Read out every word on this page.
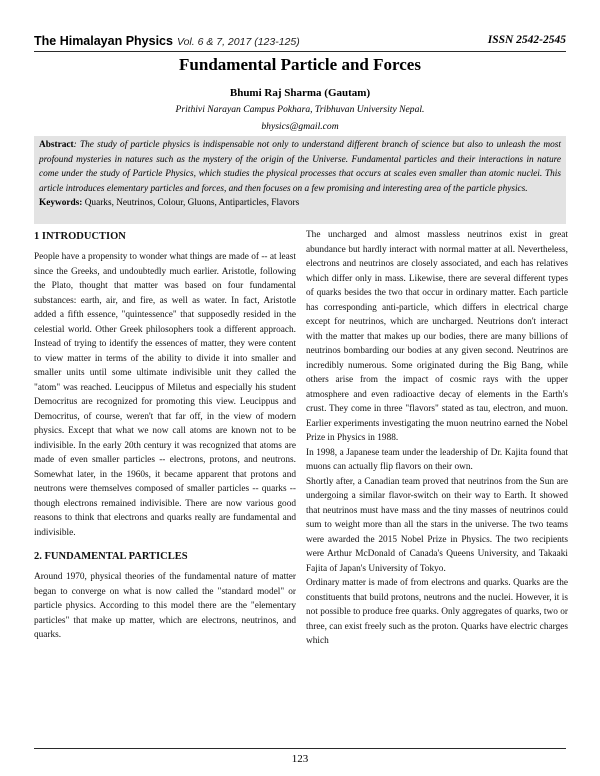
The Himalayan Physics Vol. 6 & 7, 2017 (123-125)	ISSN 2542-2545
Fundamental Particle and Forces
Bhumi Raj Sharma (Gautam)
Prithivi Narayan Campus Pokhara, Tribhuvan University Nepal.
bhysics@gmail.com
Abstract: The study of particle physics is indispensable not only to understand different branch of science but also to unleash the most profound mysteries in natures such as the mystery of the origin of the Universe. Fundamental particles and their interactions in nature come under the study of Particle Physics, which studies the physical processes that occurs at scales even smaller than atomic nuclei. This article introduces elementary particles and forces, and then focuses on a few promising and interesting area of the particle physics.
Keywords: Quarks, Neutrinos, Colour, Gluons, Antiparticles, Flavors
1 INTRODUCTION

People have a propensity to wonder what things are made of -- at least since the Greeks, and undoubtedly much earlier. Aristotle, following the Plato, thought that matter was based on four fundamental substances: earth, air, and fire, as well as water. In fact, Aristotle added a fifth essence, "quintessence" that supposedly resided in the celestial world. Other Greek philosophers took a different approach. Instead of trying to identify the essences of matter, they were content to view matter in terms of the ability to divide it into smaller and smaller units until some ultimate indivisible unit they called the "atom" was reached. Leucippus of Miletus and especially his student Democritus are recognized for promoting this view. Leucippus and Democritus, of course, weren't that far off, in the view of modern physics. Except that what we now call atoms are known not to be indivisible. In the early 20th century it was recognized that atoms are made of even smaller particles -- electrons, protons, and neutrons. Somewhat later, in the 1960s, it became apparent that protons and neutrons were themselves composed of smaller particles -- quarks -- though electrons remained indivisible. There are now various good reasons to think that electrons and quarks really are fundamental and indivisible.

2. FUNDAMENTAL PARTICLES

Around 1970, physical theories of the fundamental nature of matter began to converge on what is now called the "standard model" or particle physics. According to this model there are the "elementary particles" that make up matter, which are electrons, neutrinos, and quarks.

The uncharged and almost massless neutrinos exist in great abundance but hardly interact with normal matter at all. Nevertheless, electrons and neutrinos are closely associated, and each has relatives which differ only in mass. Likewise, there are several different types of quarks besides the two that occur in ordinary matter. Each particle has corresponding anti-particle, which differs in electrical charge except for neutrinos, which are uncharged. Neutrions don't interact with the matter that makes up our bodies, there are many billions of neutrinos bombarding our bodies at any given second. Neutrinos are incredibly numerous. Some originated during the Big Bang, while others arise from the impact of cosmic rays with the upper atmosphere and even radioactive decay of elements in the Earth's crust. They come in three "flavors" stated as tau, electron, and muon. Earlier experiments investigating the muon neutrino earned the Nobel Prize in Physics in 1988.

In 1998, a Japanese team under the leadership of Dr. Kajita found that muons can actually flip flavors on their own.

Shortly after, a Canadian team proved that neutrinos from the Sun are undergoing a similar flavor-switch on their way to Earth. It showed that neutrinos must have mass and the tiny masses of neutrinos could sum to weight more than all the stars in the universe. The two teams were awarded the 2015 Nobel Prize in Physics. The two recipients were Arthur McDonald of Canada's Queens University, and Takaaki Fajita of Japan's University of Tokyo.

Ordinary matter is made of from electrons and quarks. Quarks are the constituents that build protons, neutrons and the nuclei. However, it is not possible to produce free quarks. Only aggregates of quarks, two or three, can exist freely such as the proton. Quarks have electric charges which

123
